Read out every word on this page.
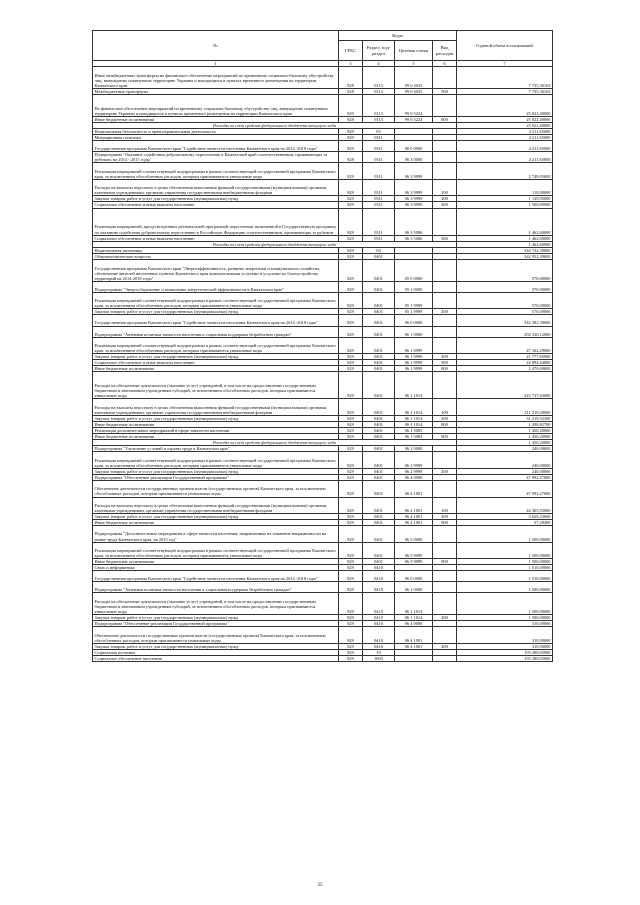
№	Коды				Годовой объем ассигнований
	ГРБС	Раздел, под-раздел	Целевая статья	Вид расходов	
1	3	4	5	6	7
Иные межбюджетные трансферты на финансовое обеспечение мероприятий по временному социально-бытовому обустройству лиц, вынужденно покинувших территорию Украины и находящихся в пунктах временного размещения на территории Камчатского края	828	0113	99 0 4033		7 735,36163
Межбюджетные трансферты	828	0113	99 0 4033	500	7 735,36163
На финансовое обеспечение мероприятий по временному социально-бытовому обустройству лиц, вынужденно покинувших территорию Украины и находящихся в пунктах временного размещения на территории Камчатского края	829	0113	99 0 5224		25 022,40000
Иные бюджетные ассигнования	828	0113	99 0 5224	800	25 022,40000
Расходы за счет средств федерального бюджета текущего года					25 022,40000
Национальная безопасность и правоохранительная деятельность	829	03			4 211,65000
Миграционная политика	829	0311			4 211,65000
Государственная программа Камчатского края "Содействие занятости населения Камчатского края на 2014 -2018 годы"	829	0311	06 0 0000		4 211,65000
Подпрограмма "Оказание содействия добровольному переселению в Камчатский край соотечественников, проживающих за рубежом, на 2014 - 2017 годы"	828	0311	06 3 0000		4 211,65000
Реализация мероприятий соответствующей подпрограммы в рамках соответствующей государственной программы Камчатского края, за исключением обособленных расходов, которым присваиваются уникальные коды	829	0311	06 3 9999		2 749,05000
Расходы на выплаты персоналу в целях обеспечения выполнения функций государственными (муниципальными) органами, казенными учреждениями, органами управления государственными внебюджетными фондами	829	0311	06 3 9999	100	110,00000
Закупка товаров, работ и услуг для государственных (муниципальных) нужд	829	0311	06 3 9999	200	1 139,05000
Социальное обеспечение и иные выплаты населению	829	0311	06 3 9999	300	1 500,00000
Реализация мероприятий, предусмотренных региональной программой переселения, включенной в Государственную программу по оказанию содействия добровольному переселению в Российскую Федерацию соотечественников, проживающих за рубежом	829	0311	06 3 5086		1 462,60000
Социальное обеспечение и иные выплаты населению	829	0311	06 3 5086	300	1 462,60000
Расходы за счет средств федерального бюджета текущего года					1 462,60000
Национальная экономика	829	04			344 742,39000
Общеэкономические вопросы	829	0401			342 952,39000
Государственная программа Камчатского края "Энергоэффективность, развитие энергетики и коммунального хозяйства, обеспечение жителей населенных пунктов Камчатского края коммунальными услугами и услугами по благоустройству территорий на 2014-2018 годы"	829	0401	05 0 0000		570,00000
Подпрограмма "Энергосбережение и повышение энергетической эффективности в Камчатском крае"	829	0401	05 1 0000		570,00000
Реализация мероприятий соответствующей подпрограммы в рамках соответствующей государственной программы Камчатского края, за исключением обособленных расходов, которым присваиваются уникальные коды	829	0401	05 1 9999		570,00000
Закупка товаров, работ и услуг для государственных (муниципальных) нужд	829	0401	05 1 9999	200	570,00000
Государственная программа Камчатского края "Содействие занятости населения Камчатского края на 2014 -2018 годы"	829	0401	06 0 0000		342 382,39000
Подпрограмма "Активная политика занятости населения и социальная поддержка безработных граждан"	829	0401	06 1 0000		292 330,12000
Реализация мероприятий соответствующей подпрограммы в рамках соответствующей государственной программы Камчатского края, за исключением обособленных расходов, которым присваиваются уникальные коды	829	0401	06 1 9999		47 162,29000
Закупка товаров, работ и услуг для государственных (муниципальных) нужд	829	0401	06 1 9999	200	21 777,65000
Социальное обеспечение и иные выплаты населению	829	0401	06 1 9999	300	22 894,64000
Иные бюджетные ассигнования	829	0401	06 1 9999	800	2 470,00000
Расходы на обеспечение деятельности (оказание услуг) учреждений, в том числе на предоставление государственным бюджетным и автономным учреждениям субсидий, за исключением обособленных расходов, которым присваиваются уникальные коды	829	0401	06 1 1014		243 737,63000
Расходы на выплаты персоналу в целях обеспечения выполнения функций государственными (муниципальными) органами, казенными учреждениями, органами управления государственными внебюджетными фондами	829	0401	06 1 1014	100	211 219,28000
Закупка товаров, работ и услуг для государственных (муниципальных) нужд	829	0401	06 1 1014	200	31 219,52300
Иные бюджетные ассигнования	829	0401	06 1 1014	800	1 298,82700
Реализация дополнительных мероприятий в сфере занятости населения	829	0401	06 1 5083		1 450,20000
Иные бюджетные ассигнования	829	0401	06 1 5083	800	1 450,20000
Расходы за счет средств федерального бюджета текущего года					1 450,20000
Подпрограмма "Улучшение условий и охраны труда в Камчатском крае"	829	0401	06 2 0000		240,00000
Реализация мероприятий соответствующей подпрограммы в рамках соответствующей государственной программы Камчатского края, за исключением обособленных расходов, которым присваиваются уникальные коды	829	0401	06 2 9999		240,00000
Закупка товаров, работ и услуг для государственных (муниципальных) нужд	829	0401	06 2 9999	200	240,00000
Подпрограмма "Обеспечение реализации Государственной программы"	829	0401	06 4 0000		47 992,27000
Обеспечение деятельности государственных органов власти (государственных органов) Камчатского края, за исключением обособленных расходов, которым присваиваются уникальные коды	829	0401	06 4 1001		47 992,27000
Расходы на выплаты персоналу в целях обеспечения выполнения функций государственными (муниципальными) органами, казенными учреждениями, органами управления государственными внебюджетными фондами	829	0401	06 4 1001	100	44 305,55000
Закупка товаров, работ и услуг для государственных (муниципальных) нужд	829	0401	06 4 1001	200	3 629,23600
Иные бюджетные ассигнования	829	0401	06 4 1001	800	57,28400
Подпрограмма "Дополнительные мероприятия в сфере занятости населения, направленные на снижение напряженности на рынке труда Камчатского края, на 2015 год"	829	0401	06 5 0000		1 500,00000
Реализация мероприятий соответствующей подпрограммы в рамках соответствующей государственной программы Камчатского края, за исключением обособленных расходов, которым присваиваются уникальные коды	829	0401	06 5 9999		1 500,00000
Иные бюджетные ассигнования	829	0401	06 5 9999	800	1 500,00000
Связь и информатика	829	0410			1 510,00000
Государственная программа Камчатского края "Содействие занятости населения Камчатского края на 2014 -2018 годы"	829	0410	06 0 0000		1 510,00000
Подпрограмма "Активная политика занятости населения и социальная поддержка безработных граждан"	829	0410	06 1 0000		1 500,00000
Расходы на обеспечение деятельности (оказание услуг) учреждений, в том числе на предоставление государственным бюджетным и автономным учреждениям субсидий, за исключением обособленных расходов, которым присваиваются уникальные коды	829	0410	06 1 1014		1 500,00000
Закупка товаров, работ и услуг для государственных (муниципальных) нужд	829	0410	06 1 1014	200	1 500,00000
Подпрограмма "Обеспечение реализации Государственной программы"	829	0410	06 4 0000		310,00000
Обеспечение деятельности государственных органов власти (государственных органов) Камчатского края, за исключением обособленных расходов, которым присваиваются уникальные коды	829	0410	06 4 1001		310,00000
Закупка товаров, работ и услуг для государственных (муниципальных) нужд	829	0410	06 4 1001	200	310,00000
Социальная политика	829	10			193 280,03000
Социальное обеспечение населения	829	1003			193 280,03000
35
